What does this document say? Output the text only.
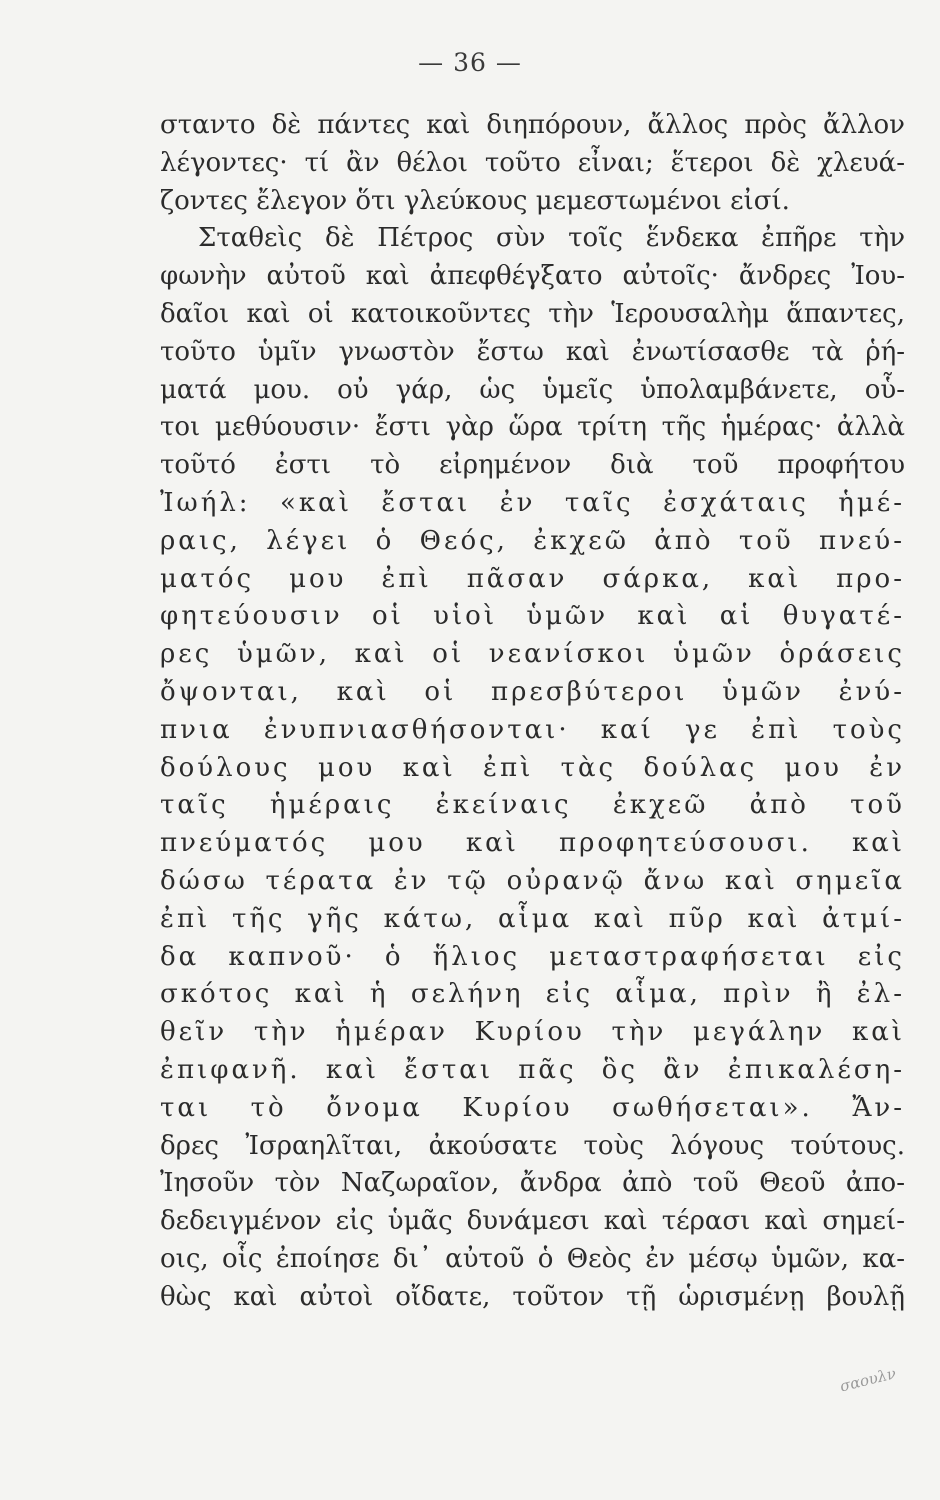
— 36 —
σταντο δὲ πάντες καὶ διηπόρουν, ἄλλος πρὸς ἄλλον
λέγοντες· τί ἂν θέλοι τοῦτο εἶναι; ἕτεροι δὲ χλευά-
ζοντες ἔλεγον ὅτι γλεύκους μεμεστωμένοι εἰσί.
Σταθεὶς δὲ Πέτρος σὺν τοῖς ἕνδεκα ἐπῆρε τὴν
φωνὴν αὐτοῦ καὶ ἀπεφθέγξατο αὐτοῖς· ἄνδρες Ἰου-
δαῖοι καὶ οἱ κατοικοῦντες τὴν Ἱερουσαλὴμ ἅπαντες,
τοῦτο ὑμῖν γνωστὸν ἔστω καὶ ἐνωτίσασθε τὰ ῥή-
ματά μου. οὐ γάρ, ὡς ὑμεῖς ὑπολαμβάνετε, οὗ-
τοι μεθύουσιν· ἔστι γὰρ ὥρα τρίτη τῆς ἡμέρας· ἀλλὰ
τοῦτό ἐστι τὸ εἰρημένον διὰ τοῦ προφήτου
Ἰωήλ: «καὶ ἔσται ἐν ταῖς ἐσχάταις ἡμέ-
ραις, λέγει ὁ Θεός, ἐκχεῶ ἀπὸ τοῦ πνεύ-
ματός μου ἐπὶ πᾶσαν σάρκα, καὶ προ-
φητεύουσιν οἱ υἱοὶ ὑμῶν καὶ αἱ θυγατέ-
ρες ὑμῶν, καὶ οἱ νεανίσκοι ὑμῶν ὁράσεις
ὄψονται, καὶ οἱ πρεσβύτεροι ὑμῶν ἐνύ-
πνια ἐνυπνιασθήσονται· καί γε ἐπὶ τοὺς
δούλους μου καὶ ἐπὶ τὰς δούλας μου ἐν
ταῖς ἡμέραις ἐκείναις ἐκχεῶ ἀπὸ τοῦ
πνεύματός μου καὶ προφητεύσουσι. καὶ
δώσω τέρατα ἐν τῷ οὐρανῷ ἄνω καὶ σημεῖα
ἐπὶ τῆς γῆς κάτω, αἷμα καὶ πῦρ καὶ ἀτμί-
δα καπνοῦ· ὁ ἥλιος μεταστραφήσεται εἰς
σκότος καὶ ἡ σελήνη εἰς αἷμα, πρὶν ἢ ἐλ-
θεῖν τὴν ἡμέραν Κυρίου τὴν μεγάλην καὶ
ἐπιφανῆ. καὶ ἔσται πᾶς ὃς ἂν ἐπικαλέση-
ται τὸ ὄνομα Κυρίου σωθήσεται». Ἄν-
δρες Ἰσραηλῖται, ἀκούσατε τοὺς λόγους τούτους.
Ἰησοῦν τὸν Ναζωραῖον, ἄνδρα ἀπὸ τοῦ Θεοῦ ἀπο-
δεδειγμένον εἰς ὑμᾶς δυνάμεσι καὶ τέρασι καὶ σημεί-
οις, οἷς ἐποίησε δι᾽ αὐτοῦ ὁ Θεὸς ἐν μέσῳ ὑμῶν, κα-
θὼς καὶ αὐτοὶ οἴδατε, τοῦτον τῇ ὡρισμένῃ βουλῇ
σαουλν
